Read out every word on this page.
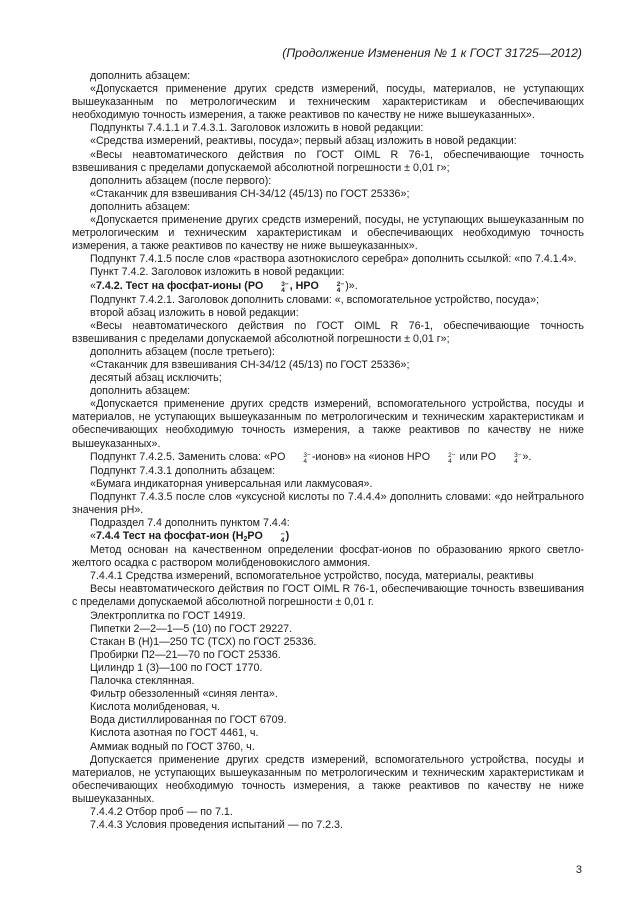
(Продолжение Изменения № 1 к ГОСТ 31725—2012)

дополнить абзацем:

«Допускается применение других средств измерений, посуды, материалов, не уступающих вышеуказанным по метрологическим и техническим характеристикам и обеспечивающих необходимую точность измерения, а также реактивов по качеству не ниже вышеуказанных».

Подпункты 7.4.1.1 и 7.4.3.1. Заголовок изложить в новой редакции:

«Средства измерений, реактивы, посуда»; первый абзац изложить в новой редакции:

«Весы неавтоматического действия по ГОСТ OIML R 76-1, обеспечивающие точность взвешивания с пределами допускаемой абсолютной погрешности ± 0,01 г»;

дополнить абзацем (после первого):

«Стаканчик для взвешивания СН-34/12 (45/13) по ГОСТ 25336»;

дополнить абзацем:

«Допускается применение других средств измерений, посуды, не уступающих вышеуказанным по метрологическим и техническим характеристикам и обеспечивающих необходимую точность измерения, а также реактивов по качеству не ниже вышеуказанных».

Подпункт 7.4.1.5 после слов «раствора азотнокислого серебра» дополнить ссылкой: «по 7.4.1.4».

Пункт 7.4.2. Заголовок изложить в новой редакции:

«7.4.2. Тест на фосфат-ионы (PO	3−
4 , HPO	2−
4 )».

Подпункт 7.4.2.1. Заголовок дополнить словами: «, вспомогательное устройство, посуда»;

второй абзац изложить в новой редакции:

«Весы неавтоматического действия по ГОСТ OIML R 76-1, обеспечивающие точность взвешивания с пределами допускаемой абсолютной погрешности ± 0,01 г»;

дополнить абзацем (после третьего):

«Стаканчик для взвешивания СН-34/12 (45/13) по ГОСТ 25336»;

десятый абзац исключить;

дополнить абзацем:

«Допускается применение других средств измерений, вспомогательного устройства, посуды и материалов, не уступающих вышеуказанным по метрологическим и техническим характеристикам и обеспечивающих необходимую точность измерения, а также реактивов по качеству не ниже вышеуказанных».

Подпункт 7.4.2.5. Заменить слова: «PO	3−
4 -ионов» на «ионов HPO	2−
4 или PO	3−
4 ».

Подпункт 7.4.3.1 дополнить абзацем:

«Бумага индикаторная универсальная или лакмусовая».

Подпункт 7.4.3.5 после слов «уксусной кислоты по 7.4.4.4» дополнить словами: «до нейтрального значения pH».

Подраздел 7.4 дополнить пунктом 7.4.4:

«7.4.4 Тест на фосфат-ион ($H_2PO$	−
4 )

Метод основан на качественном определении фосфат-ионов по образованию яркого светло-желтого осадка с раствором молибденовокислого аммония.

7.4.4.1 Средства измерений, вспомогательное устройство, посуда, материалы, реактивы

Весы неавтоматического действия по ГОСТ OIML R 76-1, обеспечивающие точность взвешивания с пределами допускаемой абсолютной погрешности ± 0,01 г.

Электроплитка по ГОСТ 14919.

Пипетки 2—2—1—5 (10) по ГОСТ 29227.

Стакан В (Н)1—250 ТС (ТСХ) по ГОСТ 25336.

Пробирки П2—21—70 по ГОСТ 25336.

Цилиндр 1 (3)—100 по ГОСТ 1770.

Палочка стеклянная.

Фильтр обеззоленный «синяя лента».

Кислота молибденовая, ч.

Вода дистиллированная по ГОСТ 6709.

Кислота азотная по ГОСТ 4461, ч.

Аммиак водный по ГОСТ 3760, ч.

Допускается применение других средств измерений, вспомогательного устройства, посуды и материалов, не уступающих вышеуказанным по метрологическим и техническим характеристикам и обеспечивающих необходимую точность измерения, а также реактивов по качеству не ниже вышеуказанных.

7.4.4.2 Отбор проб — по 7.1.

7.4.4.3 Условия проведения испытаний — по 7.2.3.

3
